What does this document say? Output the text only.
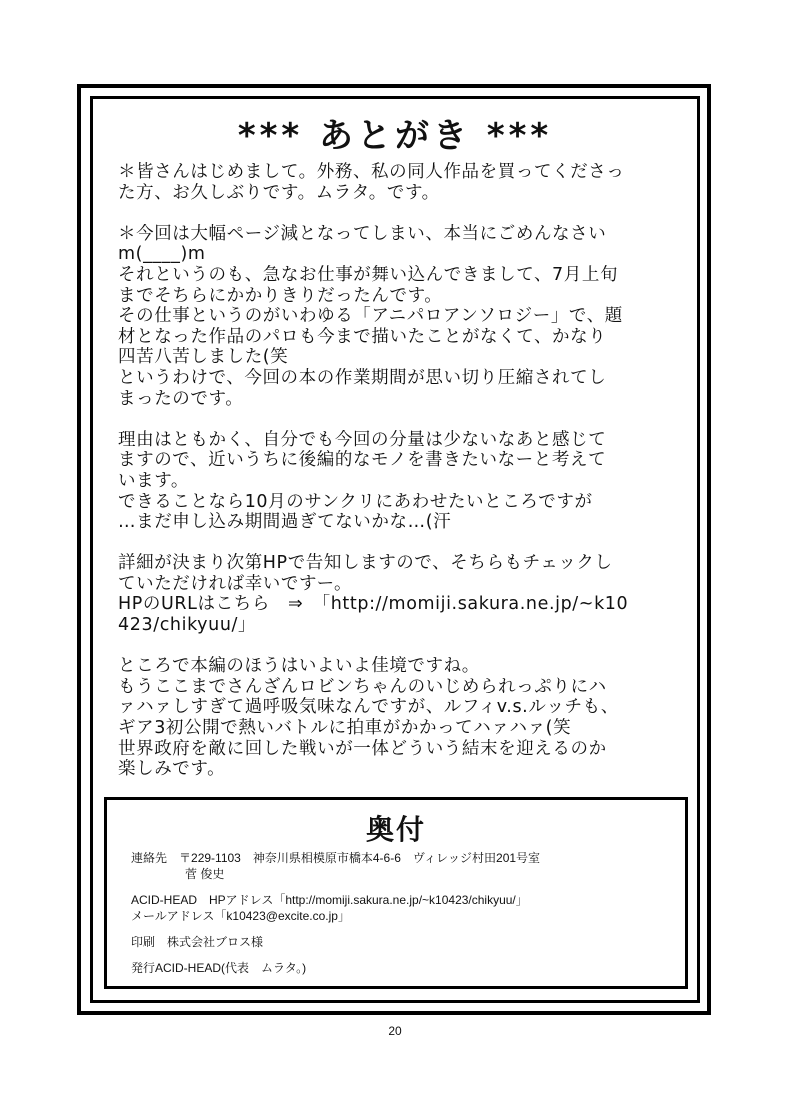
*** あとがき ***
＊皆さんはじめまして。外務、私の同人作品を買ってくださっ
た方、お久しぶりです。ムラタ。です。
＊今回は大幅ページ減となってしまい、本当にごめんなさい
m(____)m
それというのも、急なお仕事が舞い込んできまして、7月上旬
までそちらにかかりきりだったんです。
その仕事というのがいわゆる「アニパロアンソロジー」で、題
材となった作品のパロも今まで描いたことがなくて、かなり
四苦八苦しました(笑
というわけで、今回の本の作業期間が思い切り圧縮されてし
まったのです。
理由はともかく、自分でも今回の分量は少ないなあと感じて
ますので、近いうちに後編的なモノを書きたいなーと考えて
います。
できることなら10月のサンクリにあわせたいところですが
…まだ申し込み期間過ぎてないかな…(汗
詳細が決まり次第HPで告知しますので、そちらもチェックし
ていただければ幸いですー。
HPのURLはこちら　⇒　「http://momiji.sakura.ne.jp/~k10
423/chikyuu/」
ところで本編のほうはいよいよ佳境ですね。
もうここまでさんざんロビンちゃんのいじめられっぷりにハ
ァハァしすぎて過呼吸気味なんですが、ルフィv.s.ルッチも、
ギア3初公開で熱いバトルに拍車がかかってハァハァ(笑
世界政府を敵に回した戦いが一体どういう結末を迎えるのか
楽しみです。
奥付
連絡先　 〒229-1103　神奈川県相模原市橋本4-6-6　ヴィレッジ村田201号室
菅 俊史
ACID-HEAD　HPアドレス「http://momiji.sakura.ne.jp/~k10423/chikyuu/」
メールアドレス「k10423@excite.co.jp」
印刷　株式会社ブロス様
発行ACID-HEAD(代表　ムラタ。)
20
